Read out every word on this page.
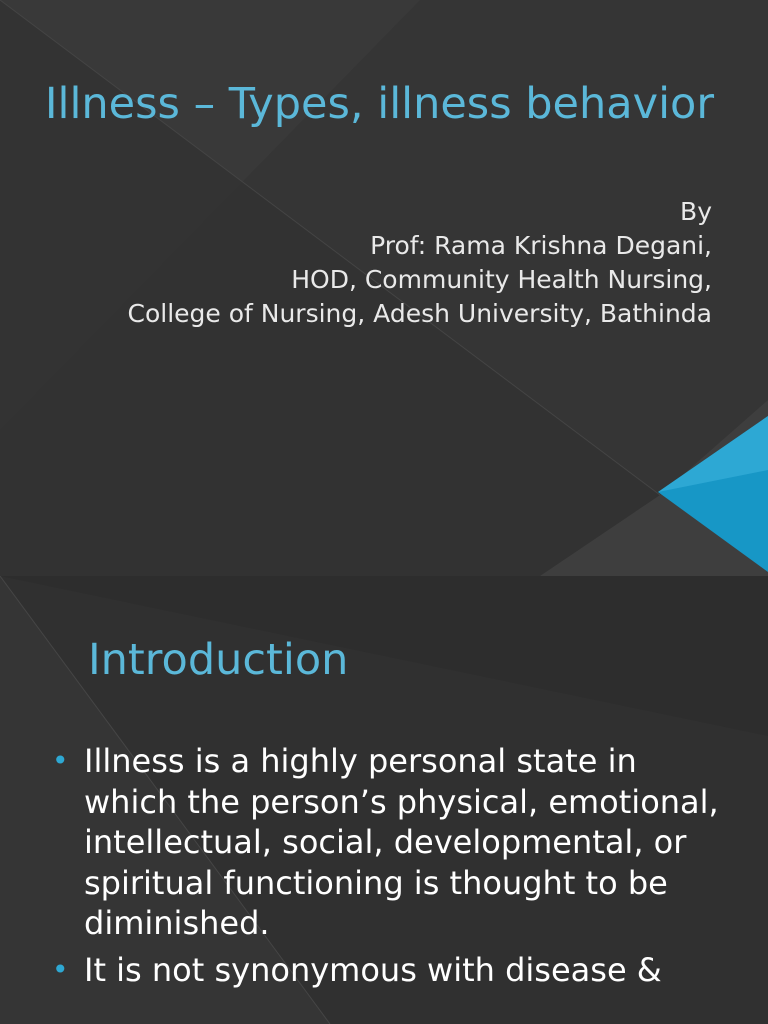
Illness – Types, illness behavior
By
Prof: Rama Krishna Degani,
HOD, Community Health Nursing,
College of Nursing, Adesh University, Bathinda
Introduction
• Illness is a highly personal state in which the person’s physical, emotional, intellectual, social, developmental, or spiritual functioning is thought to be diminished.
• It is not synonymous with disease &
